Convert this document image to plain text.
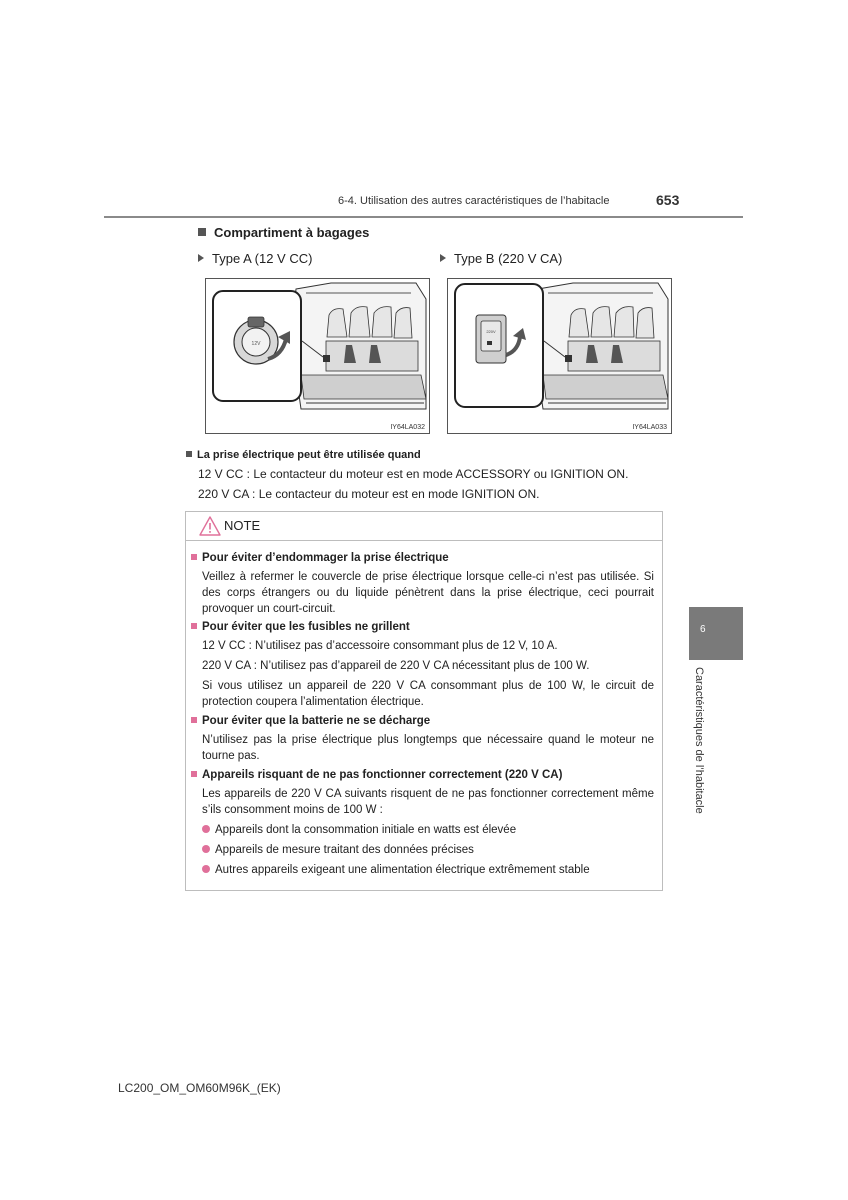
6-4. Utilisation des autres caractéristiques de l’habitacle	653
Compartiment à bagages
Type A (12 V CC)	Type B (220 V CA)
12V
IY64LA032
220V
IY64LA033
La prise électrique peut être utilisée quand
12 V CC : Le contacteur du moteur est en mode ACCESSORY ou IGNITION ON.
220 V CA : Le contacteur du moteur est en mode IGNITION ON.
NOTE
Pour éviter d’endommager la prise électrique
Veillez à refermer le couvercle de prise électrique lorsque celle-ci n’est pas utilisée. Si des corps étrangers ou du liquide pénètrent dans la prise électrique, ceci pourrait provoquer un court-circuit.
Pour éviter que les fusibles ne grillent
12 V CC : N’utilisez pas d’accessoire consommant plus de 12 V, 10 A.
220 V CA : N’utilisez pas d’appareil de 220 V CA nécessitant plus de 100 W.
Si vous utilisez un appareil de 220 V CA consommant plus de 100 W, le circuit de protection coupera l’alimentation électrique.
Pour éviter que la batterie ne se décharge
N’utilisez pas la prise électrique plus longtemps que nécessaire quand le moteur ne tourne pas.
Appareils risquant de ne pas fonctionner correctement (220 V CA)
Les appareils de 220 V CA suivants risquent de ne pas fonctionner correctement même s’ils consomment moins de 100 W :
Appareils dont la consommation initiale en watts est élevée
Appareils de mesure traitant des données précises
Autres appareils exigeant une alimentation électrique extrêmement stable
6
Caractéristiques de l’habitacle
LC200_OM_OM60M96K_(EK)
